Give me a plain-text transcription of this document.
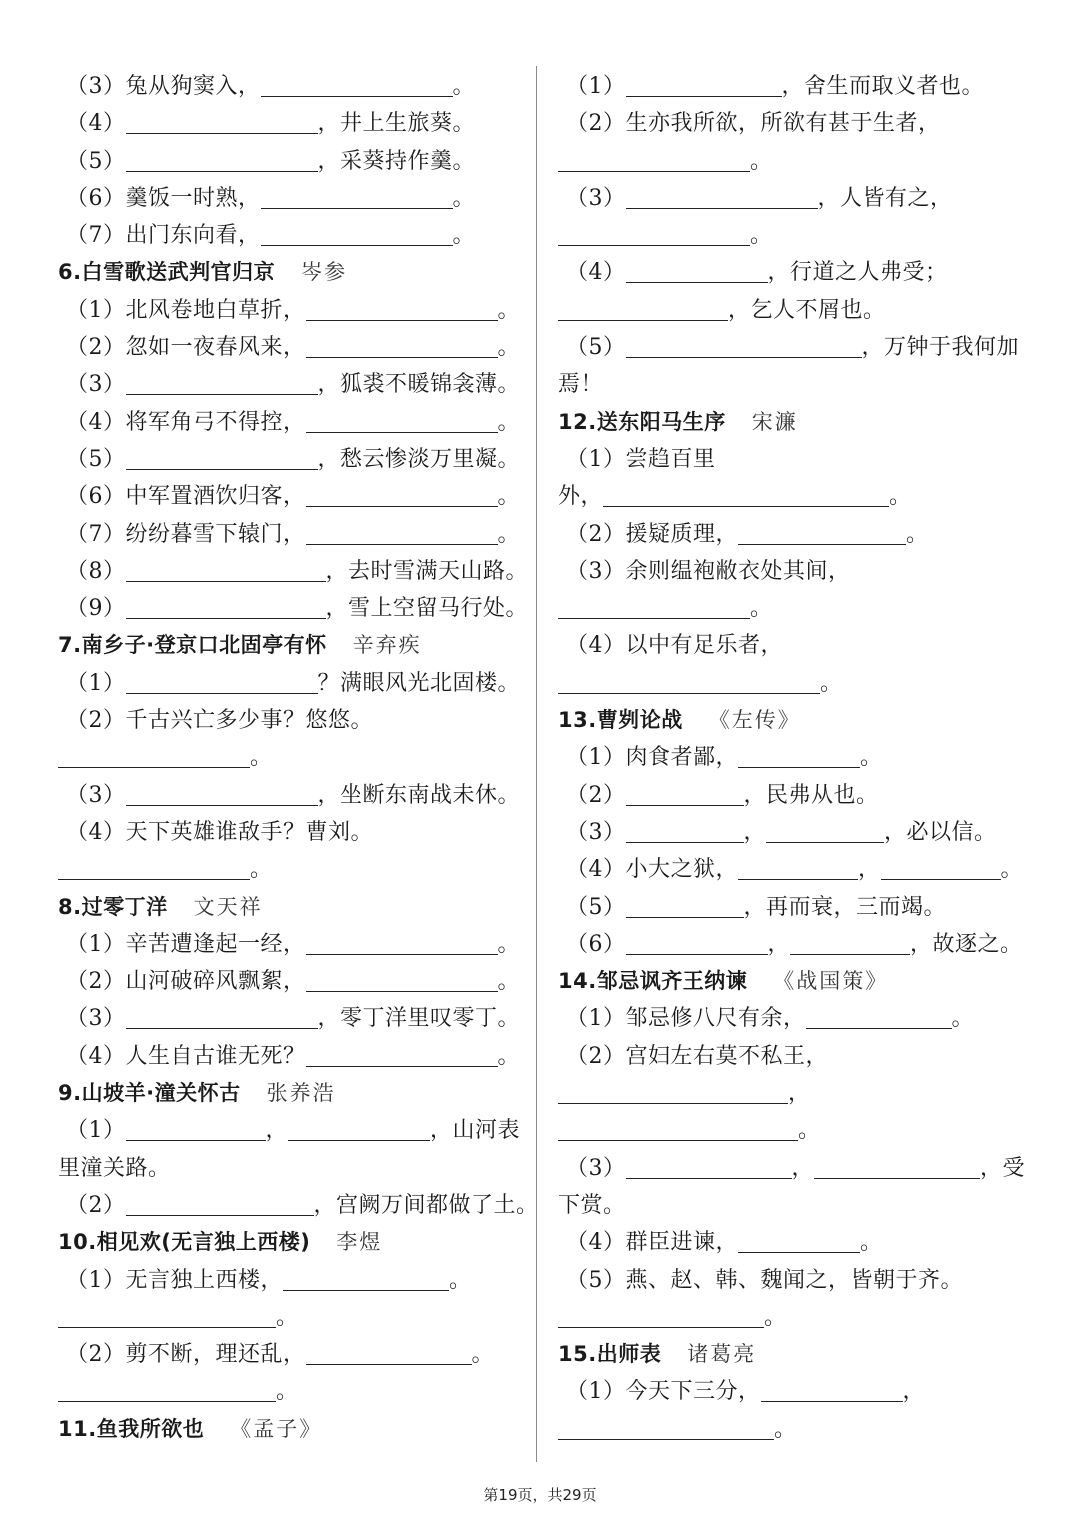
（3）兔从狗窦入，	。
（4）	，井上生旅葵。
（5）	，采葵持作羹。
（6）羹饭一时熟，	。
（7）出门东向看，	。
6.白雪歌送武判官归京 岑参
（1）北风卷地白草折，	。
（2）忽如一夜春风来，	。
（3）	，狐裘不暖锦衾薄。
（4）将军角弓不得控，	。
（5）	，愁云惨淡万里凝。
（6）中军置酒饮归客，	。
（7）纷纷暮雪下辕门，	。
（8）	，去时雪满天山路。
（9）	，雪上空留马行处。
7.南乡子·登京口北固亭有怀 辛弃疾
（1）	？满眼风光北固楼。
（2）千古兴亡多少事？悠悠。
。
（3）	，坐断东南战未休。
（4）天下英雄谁敌手？曹刘。
。
8.过零丁洋 文天祥
（1）辛苦遭逢起一经，	。
（2）山河破碎风飘絮，	。
（3）	，零丁洋里叹零丁。
（4）人生自古谁无死？	。
9.山坡羊·潼关怀古 张养浩
（1）	，	，山河表
里潼关路。
（2）	，宫阙万间都做了土。
10.相见欢(无言独上西楼) 李煜
（1）无言独上西楼，	。
。
（2）剪不断，理还乱，	。
。
11.鱼我所欲也 《孟子》
（1）	，舍生而取义者也。
（2）生亦我所欲，所欲有甚于生者，
。
（3）	，人皆有之，
。
（4）	，行道之人弗受；
，乞人不屑也。
（5）	，万钟于我何加
焉！
12.送东阳马生序 宋濂
（1）尝趋百里
外，	。
（2）援疑质理，	。
（3）余则缊袍敝衣处其间，
。
（4）以中有足乐者，
。
13.曹刿论战 《左传》
（1）肉食者鄙，	。
（2）	，民弗从也。
（3）	，	，必以信。
（4）小大之狱，	，	。
（5）	，再而衰，三而竭。
（6）	，	，故逐之。
14.邹忌讽齐王纳谏 《战国策》
（1）邹忌修八尺有余，	。
（2）宫妇左右莫不私王，
，
。
（3）	，	，受
下赏。
（4）群臣进谏，	。
（5）燕、赵、韩、魏闻之，皆朝于齐。
。
15.出师表 诸葛亮
（1）今天下三分，	，
。
第19页，共29页
